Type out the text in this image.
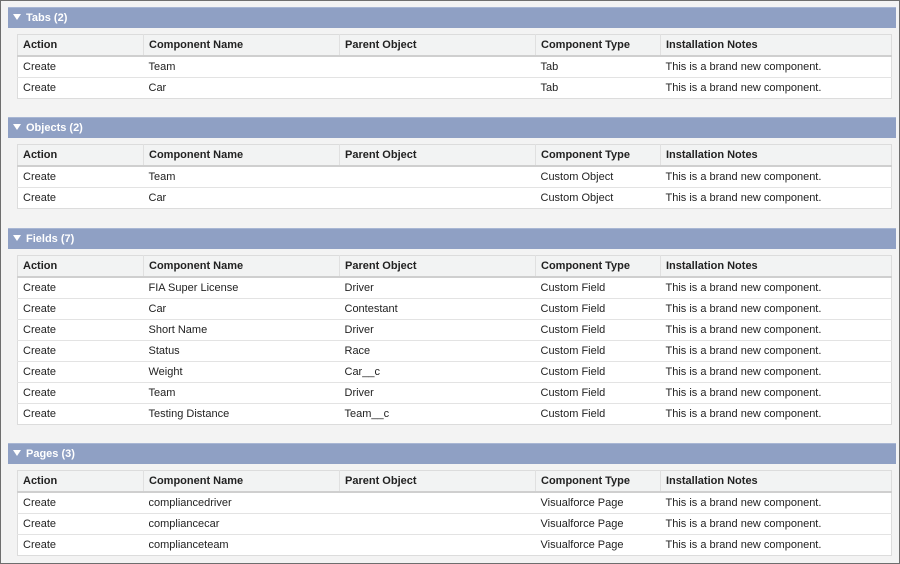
Tabs (2)
Action	Component Name	Parent Object	Component Type	Installation Notes
Create	Team		Tab	This is a brand new component.
Create	Car		Tab	This is a brand new component.
Objects (2)
Action	Component Name	Parent Object	Component Type	Installation Notes
Create	Team		Custom Object	This is a brand new component.
Create	Car		Custom Object	This is a brand new component.
Fields (7)
Action	Component Name	Parent Object	Component Type	Installation Notes
Create	FIA Super License	Driver	Custom Field	This is a brand new component.
Create	Car	Contestant	Custom Field	This is a brand new component.
Create	Short Name	Driver	Custom Field	This is a brand new component.
Create	Status	Race	Custom Field	This is a brand new component.
Create	Weight	Car__c	Custom Field	This is a brand new component.
Create	Team	Driver	Custom Field	This is a brand new component.
Create	Testing Distance	Team__c	Custom Field	This is a brand new component.
Pages (3)
Action	Component Name	Parent Object	Component Type	Installation Notes
Create	compliancedriver		Visualforce Page	This is a brand new component.
Create	compliancecar		Visualforce Page	This is a brand new component.
Create	complianceteam		Visualforce Page	This is a brand new component.
